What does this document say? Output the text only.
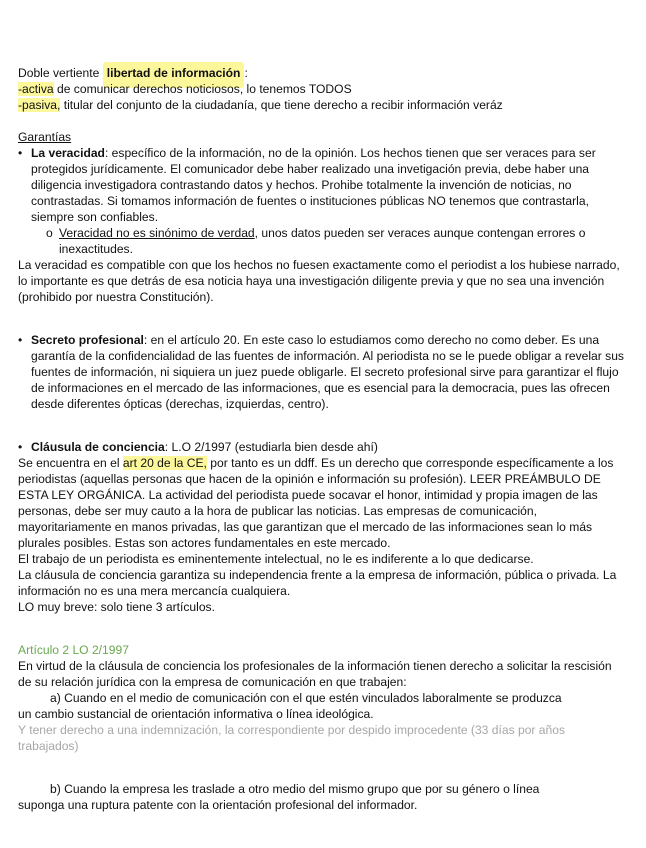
Doble vertiente libertad de información :

-activa de comunicar derechos noticiosos, lo tenemos TODOS

-pasiva, titular del conjunto de la ciudadanía, que tiene derecho a recibir información veráz

Garantías

• La veracidad: específico de la información, no de la opinión. Los hechos tienen que ser veraces para ser protegidos jurídicamente. El comunicador debe haber realizado una invetigación previa, debe haber una diligencia investigadora contrastando datos y hechos. Prohibe totalmente la invención de noticias, no contrastadas. Si tomamos información de fuentes o instituciones públicas NO tenemos que contrastarla, siempre son confiables.
o Veracidad no es sinónimo de verdad, unos datos pueden ser veraces aunque contengan errores o inexactitudes.

La veracidad es compatible con que los hechos no fuesen exactamente como el periodist a los hubiese narrado, lo importante es que detrás de esa noticia haya una investigación diligente previa y que no sea una invención (prohibido por nuestra Constitución).

• Secreto profesional: en el artículo 20. En este caso lo estudiamos como derecho no como deber. Es una garantía de la confidencialidad de las fuentes de información. Al periodista no se le puede obligar a revelar sus fuentes de información, ni siquiera un juez puede obligarle. El secreto profesional sirve para garantizar el flujo de informaciones en el mercado de las informaciones, que es esencial para la democracia, pues las ofrecen desde diferentes ópticas (derechas, izquierdas, centro).
• Cláusula de conciencia: L.O 2/1997 (estudiarla bien desde ahí)

Se encuentra en el art 20 de la CE, por tanto es un ddff. Es un derecho que corresponde específicamente a los periodistas (aquellas personas que hacen de la opinión e información su profesión). LEER PREÁMBULO DE ESTA LEY ORGÁNICA. La actividad del periodista puede socavar el honor, intimidad y propia imagen de las personas, debe ser muy cauto a la hora de publicar las noticias. Las empresas de comunicación, mayoritariamente en manos privadas, las que garantizan que el mercado de las informaciones sean lo más plurales posibles. Estas son actores fundamentales en este mercado.

El trabajo de un periodista es eminentemente intelectual, no le es indiferente a lo que dedicarse.

La cláusula de conciencia garantiza su independencia frente a la empresa de información, pública o privada. La información no es una mera mercancía cualquiera.

LO muy breve: solo tiene 3 artículos.

Artículo 2 LO 2/1997

En virtud de la cláusula de conciencia los profesionales de la información tienen derecho a solicitar la rescisión de su relación jurídica con la empresa de comunicación en que trabajen:

a) Cuando en el medio de comunicación con el que estén vinculados laboralmente se produzca

un cambio sustancial de orientación informativa o línea ideológica.

Y tener derecho a una indemnización, la correspondiente por despido improcedente (33 días por años trabajados)

b) Cuando la empresa les traslade a otro medio del mismo grupo que por su género o línea

suponga una ruptura patente con la orientación profesional del informador.
